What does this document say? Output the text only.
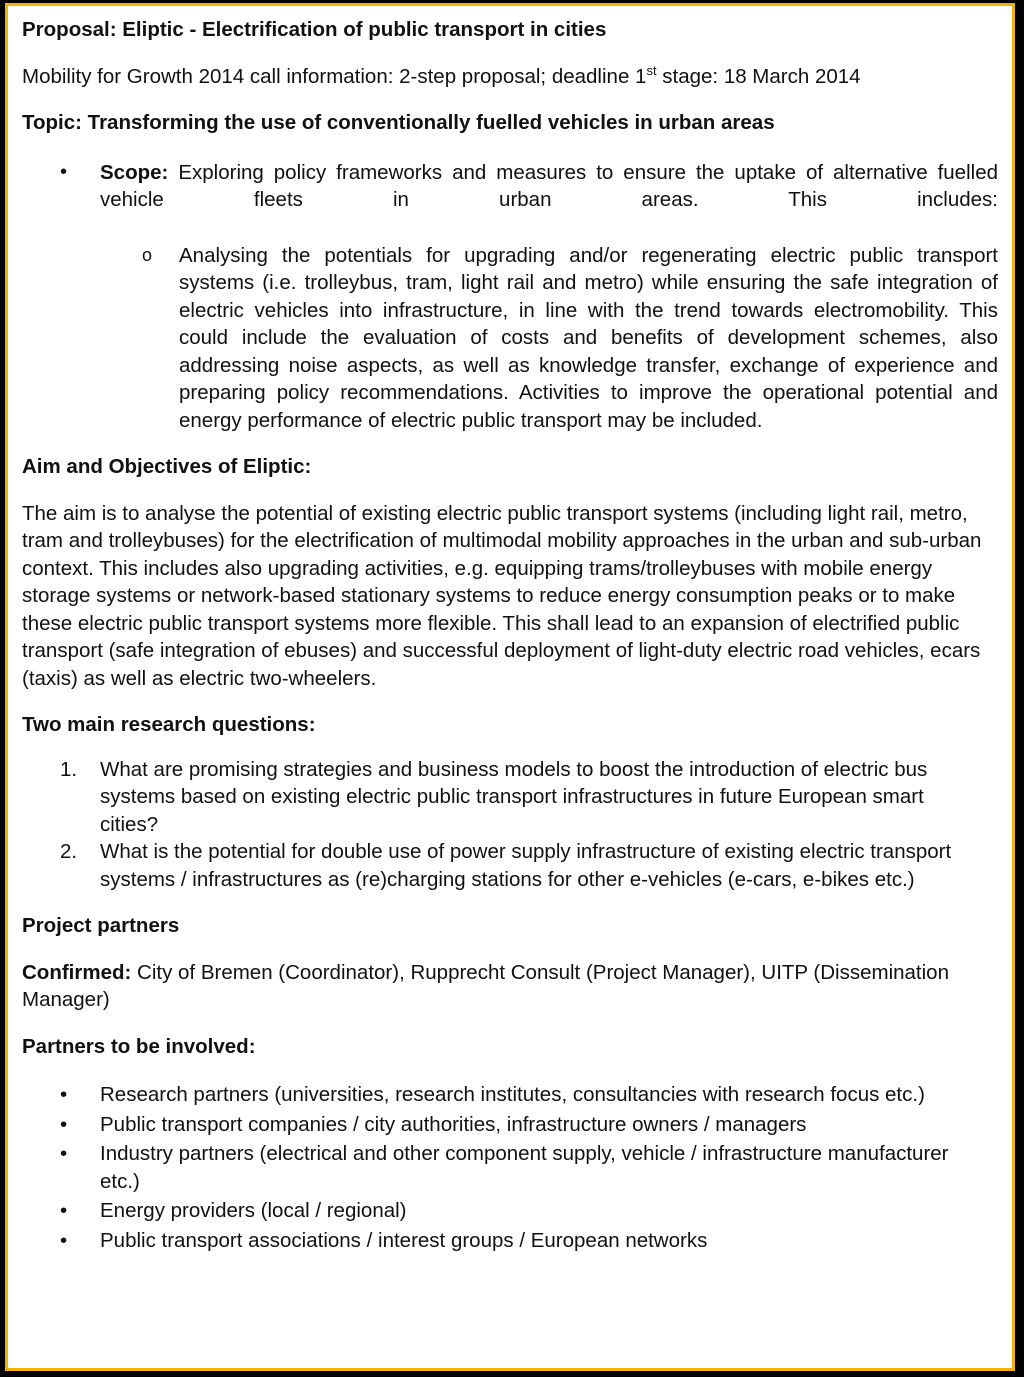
Proposal: Eliptic - Electrification of public transport in cities

Mobility for Growth 2014 call information: 2-step proposal; deadline 1st stage: 18 March 2014

Topic: Transforming the use of conventionally fuelled vehicles in urban areas

• Scope: Exploring policy frameworks and measures to ensure the uptake of alternative fuelled vehicle fleets in urban areas. This includes:
o Analysing the potentials for upgrading and/or regenerating electric public transport systems (i.e. trolleybus, tram, light rail and metro) while ensuring the safe integration of electric vehicles into infrastructure, in line with the trend towards electromobility. This could include the evaluation of costs and benefits of development schemes, also addressing noise aspects, as well as knowledge transfer, exchange of experience and preparing policy recommendations. Activities to improve the operational potential and energy performance of electric public transport may be included.

Aim and Objectives of Eliptic:

The aim is to analyse the potential of existing electric public transport systems (including light rail, metro, tram and trolleybuses) for the electrification of multimodal mobility approaches in the urban and sub-urban context. This includes also upgrading activities, e.g. equipping trams/trolleybuses with mobile energy storage systems or network-based stationary systems to reduce energy consumption peaks or to make these electric public transport systems more flexible. This shall lead to an expansion of electrified public transport (safe integration of ebuses) and successful deployment of light-duty electric road vehicles, ecars (taxis) as well as electric two-wheelers.

Two main research questions:

1. What are promising strategies and business models to boost the introduction of electric bus systems based on existing electric public transport infrastructures in future European smart cities?
2. What is the potential for double use of power supply infrastructure of existing electric transport systems / infrastructures as (re)charging stations for other e-vehicles (e-cars, e-bikes etc.)

Project partners

Confirmed: City of Bremen (Coordinator), Rupprecht Consult (Project Manager), UITP (Dissemination Manager)

Partners to be involved:

• Research partners (universities, research institutes, consultancies with research focus etc.)
• Public transport companies / city authorities, infrastructure owners / managers
• Industry partners (electrical and other component supply, vehicle / infrastructure manufacturer etc.)
• Energy providers (local / regional)
• Public transport associations / interest groups / European networks
